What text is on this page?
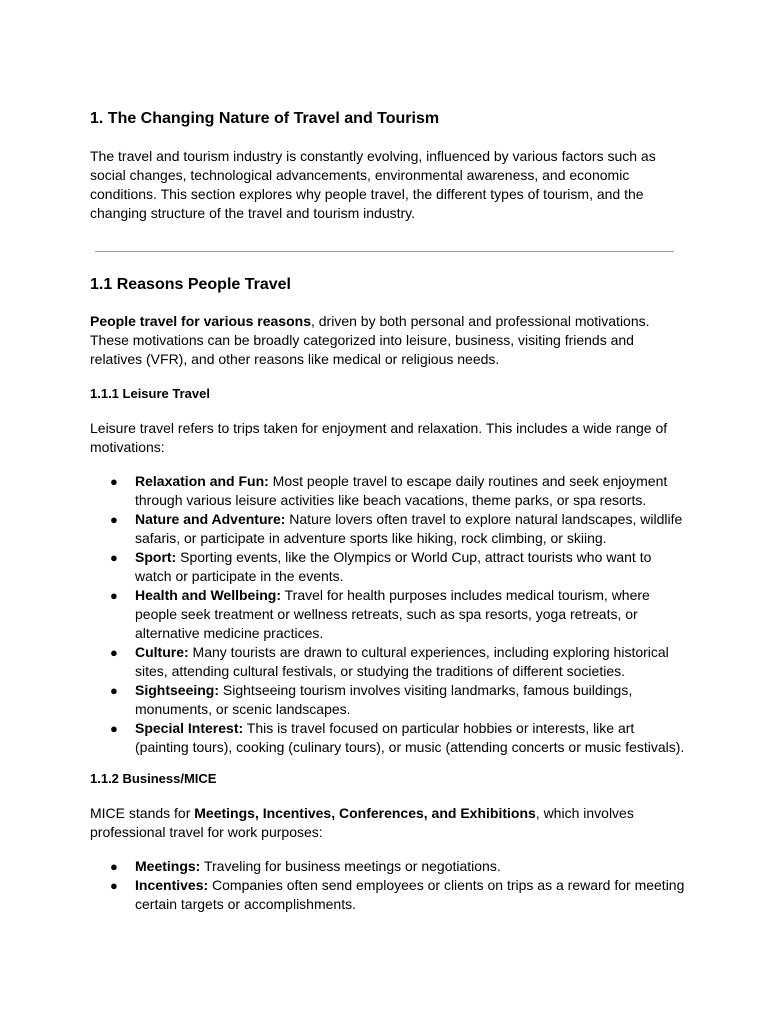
1. The Changing Nature of Travel and Tourism
The travel and tourism industry is constantly evolving, influenced by various factors such as social changes, technological advancements, environmental awareness, and economic conditions. This section explores why people travel, the different types of tourism, and the changing structure of the travel and tourism industry.
1.1 Reasons People Travel
People travel for various reasons, driven by both personal and professional motivations. These motivations can be broadly categorized into leisure, business, visiting friends and relatives (VFR), and other reasons like medical or religious needs.
1.1.1 Leisure Travel
Leisure travel refers to trips taken for enjoyment and relaxation. This includes a wide range of motivations:
● Relaxation and Fun: Most people travel to escape daily routines and seek enjoyment through various leisure activities like beach vacations, theme parks, or spa resorts.
● Nature and Adventure: Nature lovers often travel to explore natural landscapes, wildlife safaris, or participate in adventure sports like hiking, rock climbing, or skiing.
● Sport: Sporting events, like the Olympics or World Cup, attract tourists who want to watch or participate in the events.
● Health and Wellbeing: Travel for health purposes includes medical tourism, where people seek treatment or wellness retreats, such as spa resorts, yoga retreats, or alternative medicine practices.
● Culture: Many tourists are drawn to cultural experiences, including exploring historical sites, attending cultural festivals, or studying the traditions of different societies.
● Sightseeing: Sightseeing tourism involves visiting landmarks, famous buildings, monuments, or scenic landscapes.
● Special Interest: This is travel focused on particular hobbies or interests, like art (painting tours), cooking (culinary tours), or music (attending concerts or music festivals).
1.1.2 Business/MICE
MICE stands for Meetings, Incentives, Conferences, and Exhibitions, which involves professional travel for work purposes:
● Meetings: Traveling for business meetings or negotiations.
● Incentives: Companies often send employees or clients on trips as a reward for meeting certain targets or accomplishments.
